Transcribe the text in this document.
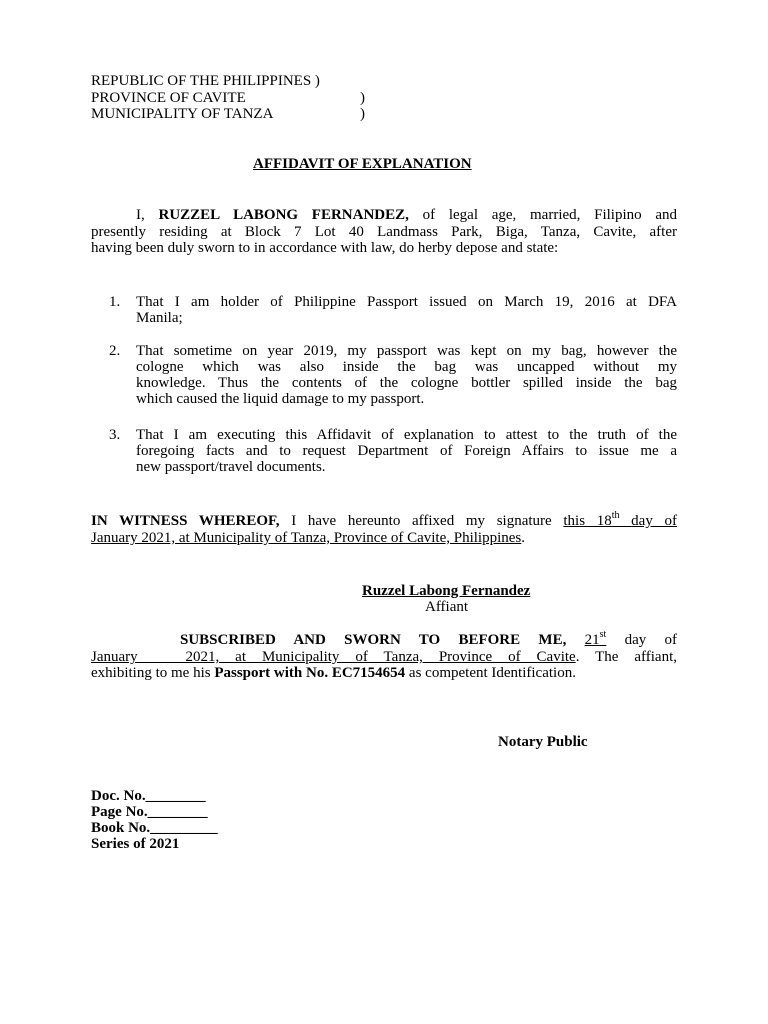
REPUBLIC OF THE PHILIPPINES )
PROVINCE OF CAVITE	)
MUNICIPALITY OF TANZA	)
AFFIDAVIT OF EXPLANATION
I, RUZZEL LABONG FERNANDEZ, of legal age, married, Filipino and
presently residing at Block 7 Lot 40 Landmass Park, Biga, Tanza, Cavite, after
having been duly sworn to in accordance with law, do herby depose and state:
1. That I am holder of Philippine Passport issued on March 19, 2016 at DFA
Manila;
2. That sometime on year 2019, my passport was kept on my bag, however the
cologne which was also inside the bag was uncapped without my
knowledge. Thus the contents of the cologne bottler spilled inside the bag
which caused the liquid damage to my passport.
3. That I am executing this Affidavit of explanation to attest to the truth of the
foregoing facts and to request Department of Foreign Affairs to issue me a
new passport/travel documents.
IN WITNESS WHEREOF, I have hereunto affixed my signature this 18th day of
January 2021, at Municipality of Tanza, Province of Cavite, Philippines.
Ruzzel Labong Fernandez
Affiant
SUBSCRIBED AND SWORN TO BEFORE ME, 21st day of
January   2021, at Municipality of Tanza, Province of Cavite. The affiant,
exhibiting to me his Passport with No. EC7154654 as competent Identification.
Notary Public
Doc. No.________
Page No.________
Book No._________
Series of 2021
